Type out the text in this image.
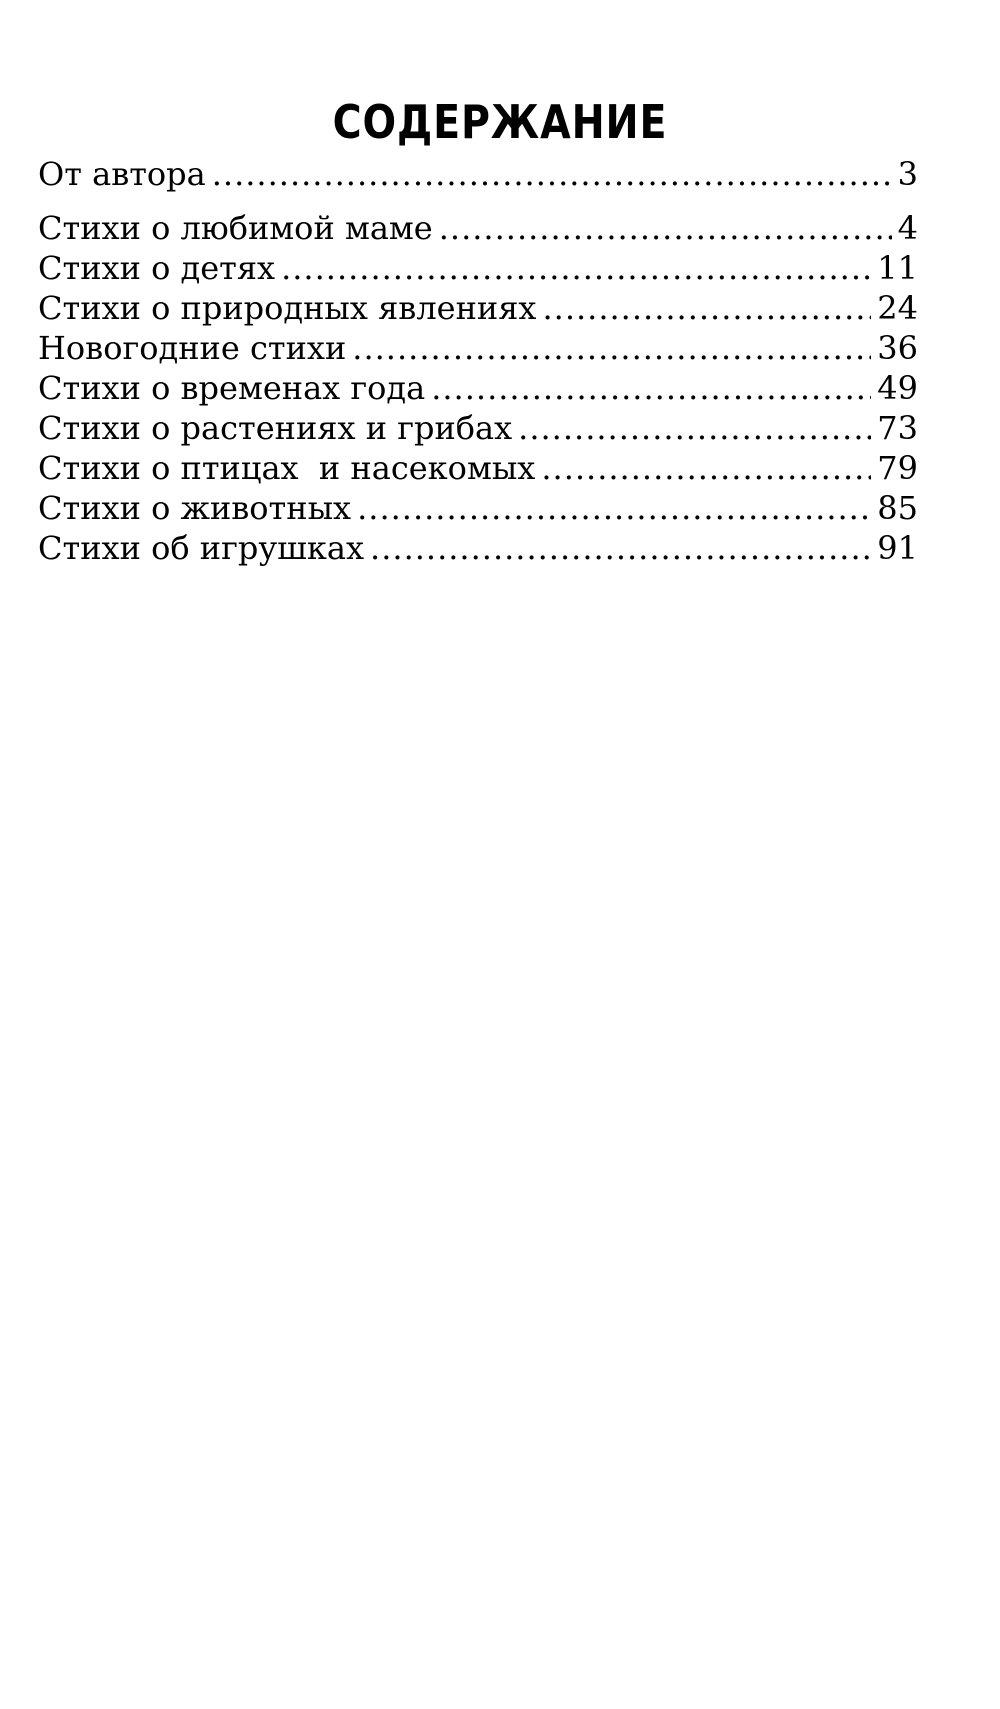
СОДЕРЖАНИЕ
От автора .....	3
Стихи о любимой маме .....	4
Стихи о детях .....	11
Стихи о природных явлениях .....	24
Новогодние стихи .....	36
Стихи о временах года .....	49
Стихи о растениях и грибах .....	73
Стихи о птицах  и насекомых .....	79
Стихи о животных .....	85
Стихи об игрушках .....	91
